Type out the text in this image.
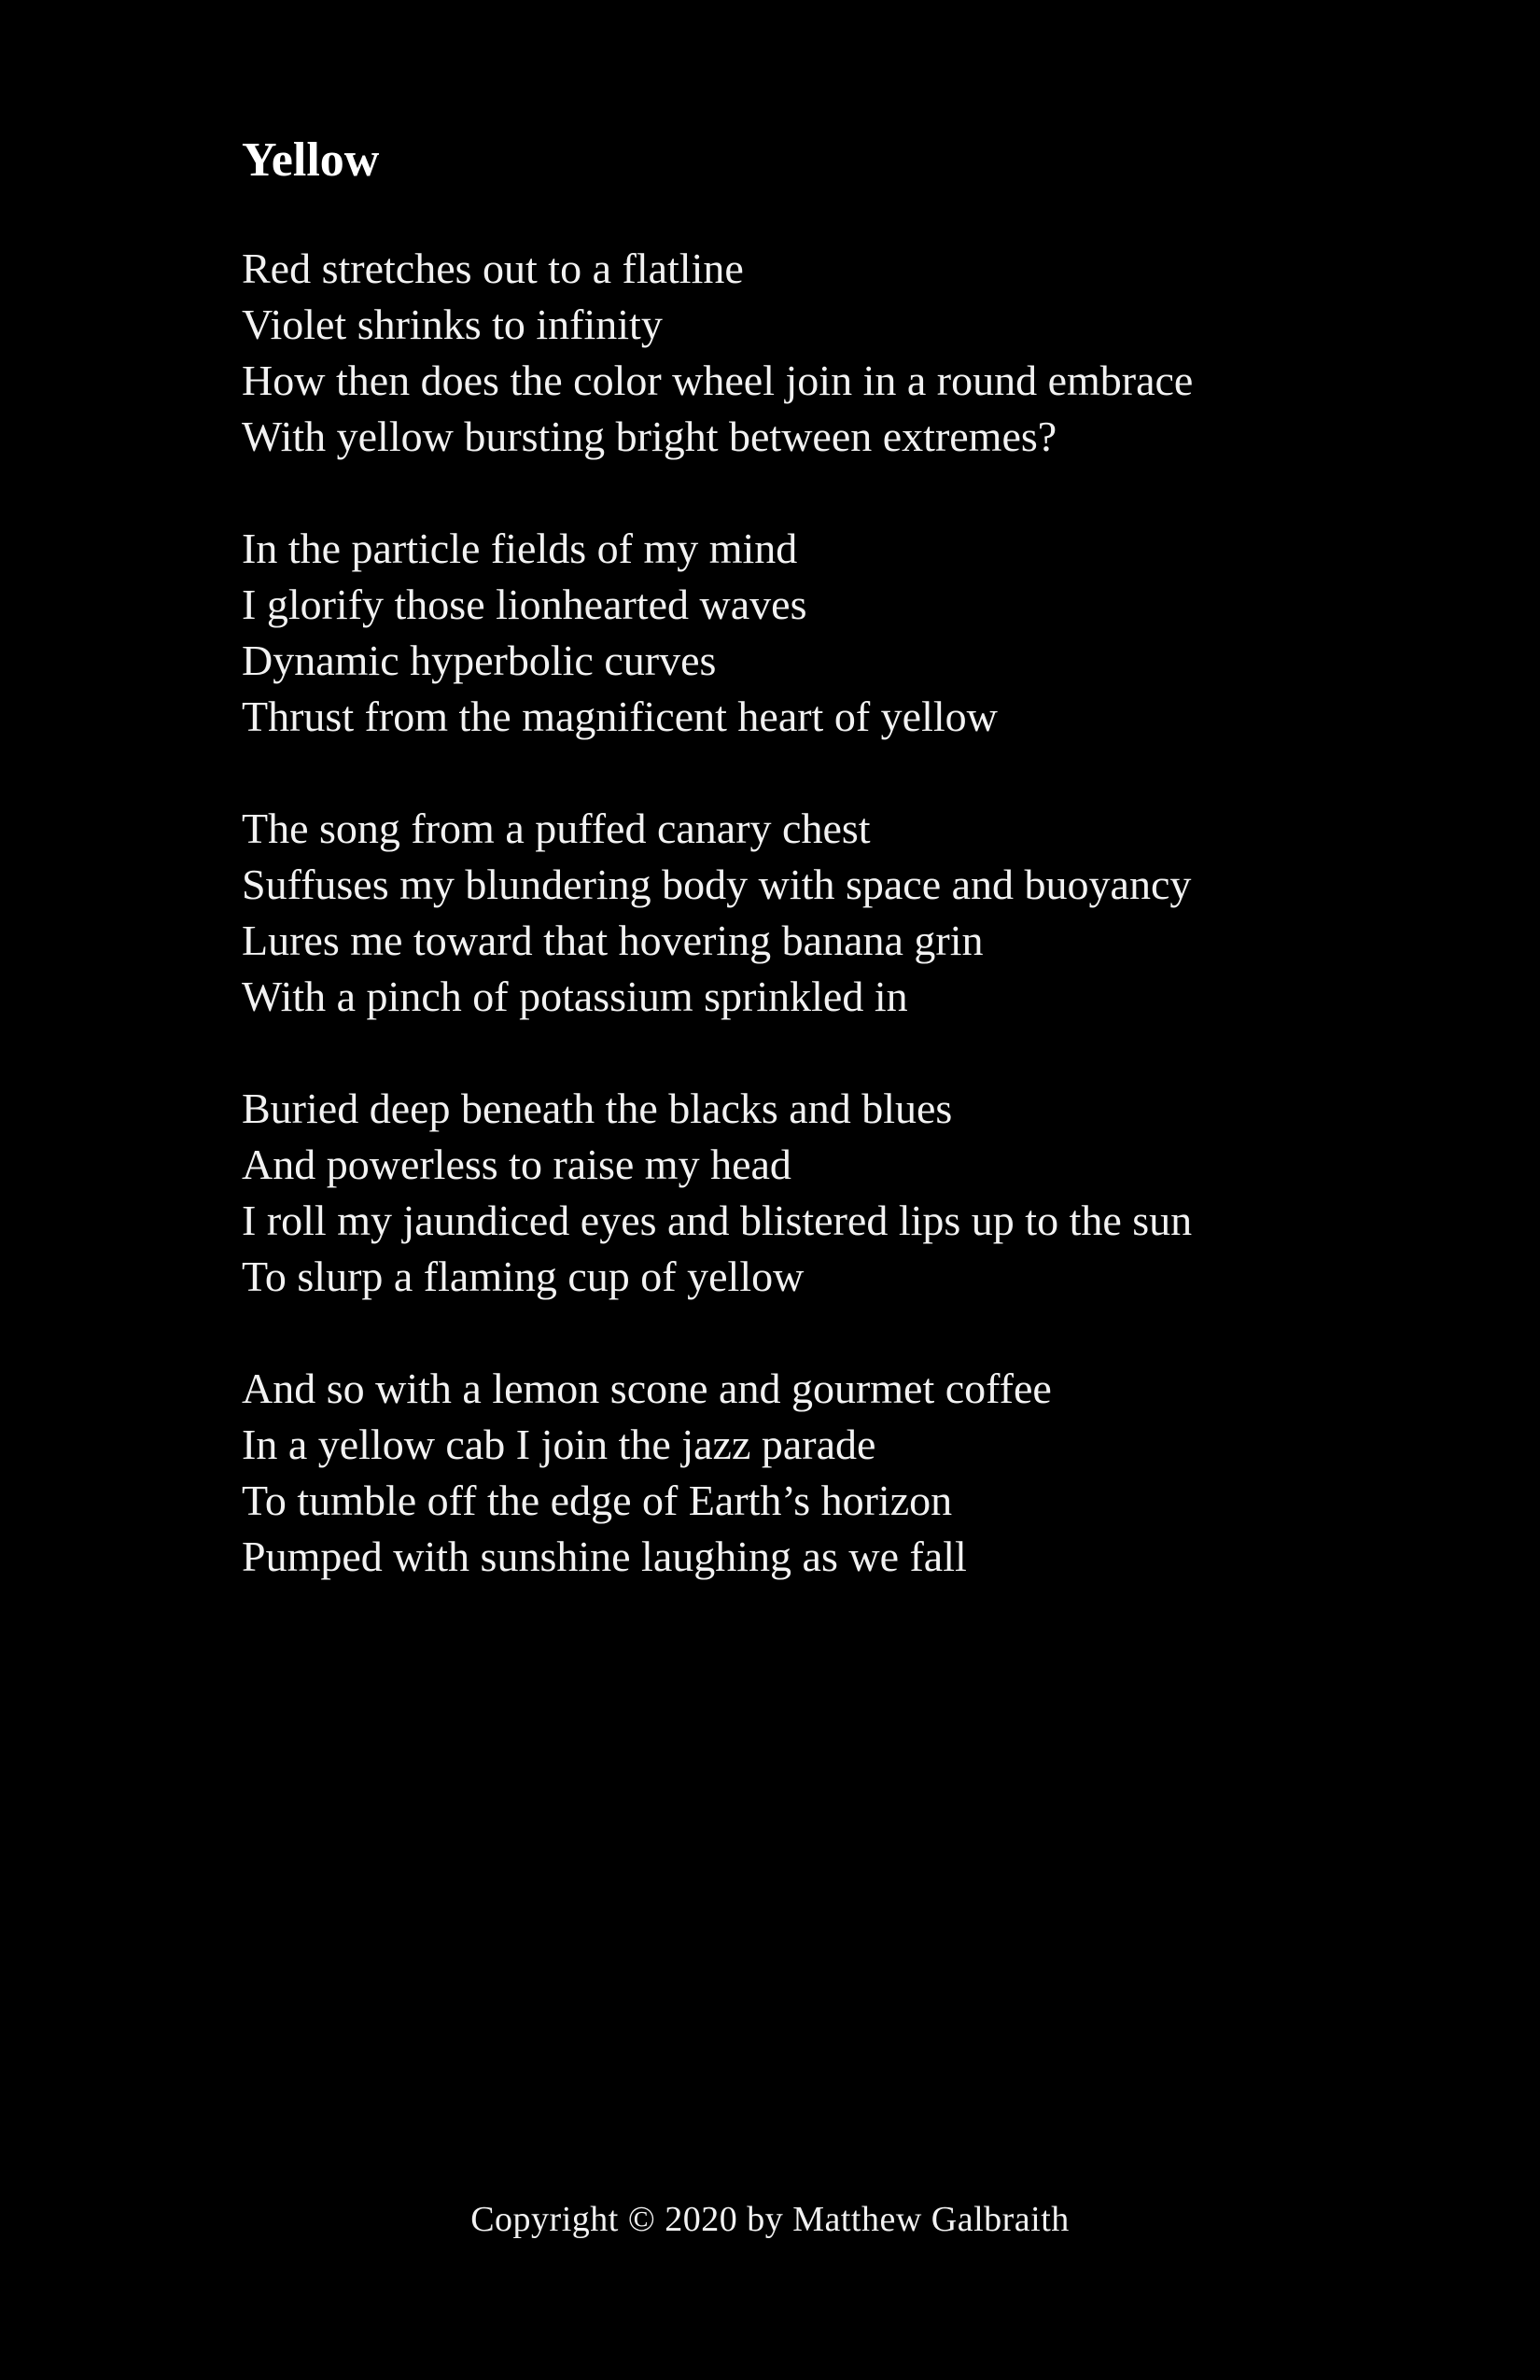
Yellow
Red stretches out to a flatline
Violet shrinks to infinity
How then does the color wheel join in a round embrace
With yellow bursting bright between extremes?
In the particle fields of my mind
I glorify those lionhearted waves
Dynamic hyperbolic curves
Thrust from the magnificent heart of yellow
The song from a puffed canary chest
Suffuses my blundering body with space and buoyancy
Lures me toward that hovering banana grin
With a pinch of potassium sprinkled in
Buried deep beneath the blacks and blues
And powerless to raise my head
I roll my jaundiced eyes and blistered lips up to the sun
To slurp a flaming cup of yellow
And so with a lemon scone and gourmet coffee
In a yellow cab I join the jazz parade
To tumble off the edge of Earth’s horizon
Pumped with sunshine laughing as we fall
Copyright © 2020 by Matthew Galbraith
